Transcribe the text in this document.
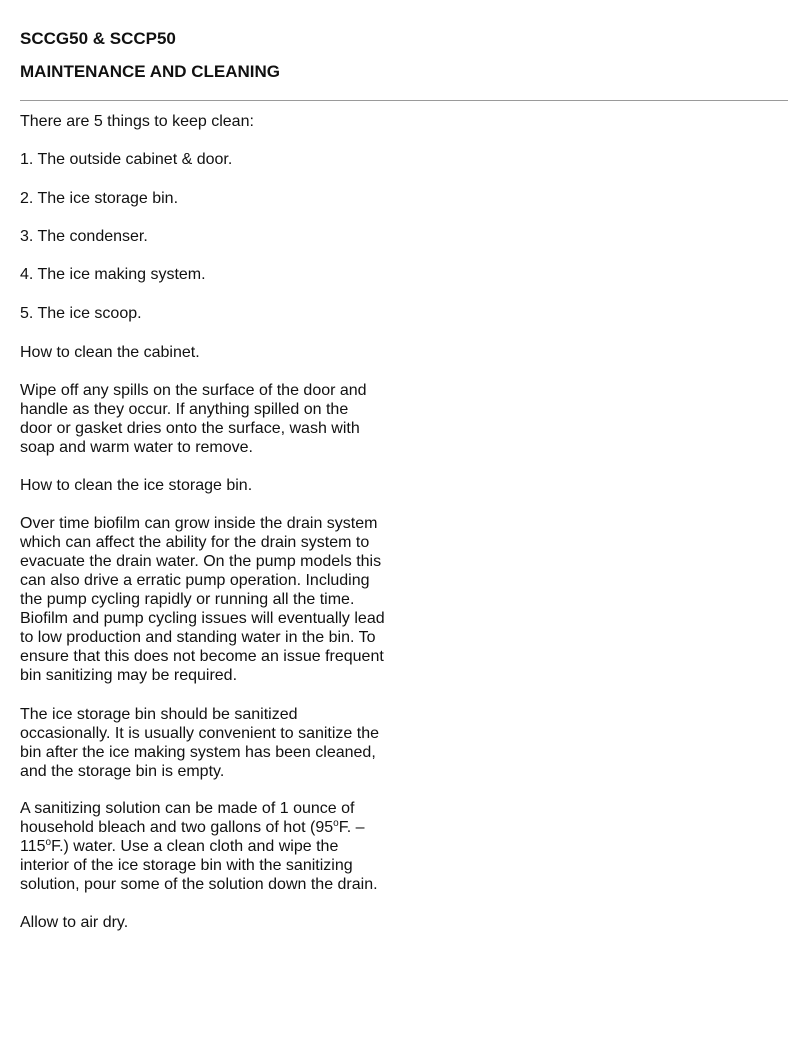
SCCG50 & SCCP50
MAINTENANCE AND CLEANING
There are 5 things to keep clean:
1. The outside cabinet & door.
2. The ice storage bin.
3. The condenser.
4. The ice making system.
5. The ice scoop.
How to clean the cabinet.
Wipe off any spills on the surface of the door and
handle as they occur. If anything spilled on the
door or gasket dries onto the surface, wash with
soap and warm water to remove.
How to clean the ice storage bin.
Over time biofilm can grow inside the drain system
which can affect the ability for the drain system to
evacuate the drain water. On the pump models this
can also drive a erratic pump operation. Including
the pump cycling rapidly or running all the time.
Biofilm and pump cycling issues will eventually lead
to low production and standing water in the bin. To
ensure that this does not become an issue frequent
bin sanitizing may be required.
The ice storage bin should be sanitized
occasionally. It is usually convenient to sanitize the
bin after the ice making system has been cleaned,
and the storage bin is empty.
A sanitizing solution can be made of 1 ounce of
household bleach and two gallons of hot (95$^o$F. –
115$^o$F.) water. Use a clean cloth and wipe the
interior of the ice storage bin with the sanitizing
solution, pour some of the solution down the drain.
Allow to air dry.
